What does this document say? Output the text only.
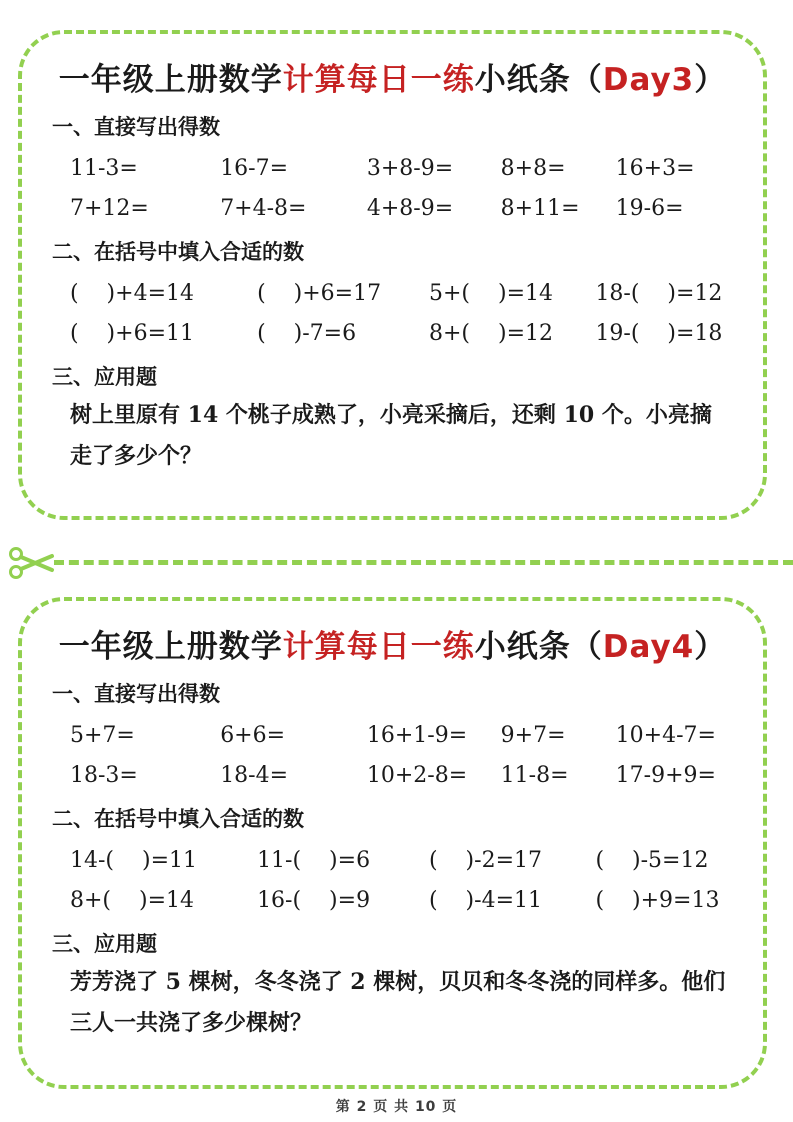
一年级上册数学计算每日一练小纸条（Day3）
一、直接写出得数
11-3=	16-7=	3+8-9=	8+8=	16+3=
7+12=	7+4-8=	4+8-9=	8+11=	19-6=
二、在括号中填入合适的数
(    )+4=14	(    )+6=17	5+(    )=14	18-(    )=12
(    )+6=11	(    )-7=6	8+(    )=12	19-(    )=18
三、应用题
树上里原有 14 个桃子成熟了，小亮采摘后，还剩 10 个。小亮摘走了多少个？
一年级上册数学计算每日一练小纸条（Day4）
一、直接写出得数
5+7=	6+6=	16+1-9=	9+7=	10+4-7=
18-3=	18-4=	10+2-8=	11-8=	17-9+9=
二、在括号中填入合适的数
14-(    )=11	11-(    )=6	(    )-2=17	(    )-5=12
8+(    )=14	16-(    )=9	(    )-4=11	(    )+9=13
三、应用题
芳芳浇了 5 棵树，冬冬浇了 2 棵树，贝贝和冬冬浇的同样多。他们三人一共浇了多少棵树？
第 2 页 共 10 页
